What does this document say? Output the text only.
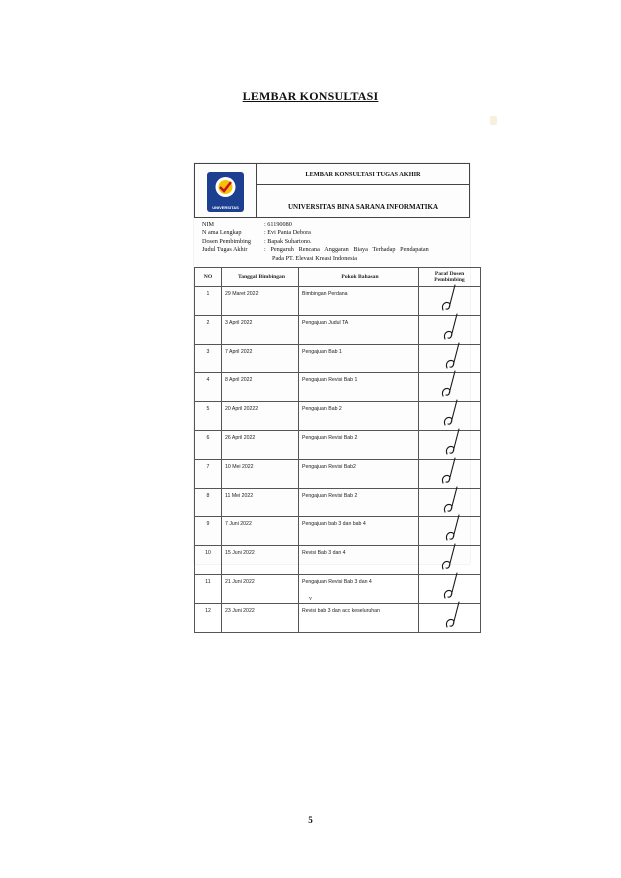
LEMBAR KONSULTASI
UNIVERSITAS
LEMBAR KONSULTASI TUGAS AKHIR
UNIVERSITAS BINA SARANA INFORMATIKA
NIM	: 61190080
N ama Lengkap	: Evi Pania Debora
Dosen Pembimbing : Bapak Suhartono.
Judul Tugas Akhir	: Pengaruh Rencana Anggaran Biaya Terhadap Pendapatan
Pada PT. Elevasi Kreasi Indonesia
NO	Tanggal Bimbingan	Pokok Bahasan	Paraf Dosen Pembimbing
1	29 Maret 2022	Bimbingan Perdana	

2	3 April 2022	Pengajuan Judul TA	

3	7 April 2022	Pengajuan Bab 1	

4	8 April 2022	Pengajuan Revisi Bab 1	

5	20 April 20222	Pengajuan Bab 2	

6	26 April 2022	Pengajuan Revisi Bab 2	

7	10 Mei 2022	Pengajuan Revisi Bab2	

8	11 Mei 2022	Pengajuan Revisi Bab 2	

9	7 Juni 2022	Pengajuan bab 3 dan bab 4	

10	15 Juni 2022	Revisi Bab 3 dan 4	

11	21 Juni 2022	Pengajuan Revisi Bab 3 dan 4	

12	23 Juni 2022	Revisi bab 3 dan acc keseluruhan	
v
5
